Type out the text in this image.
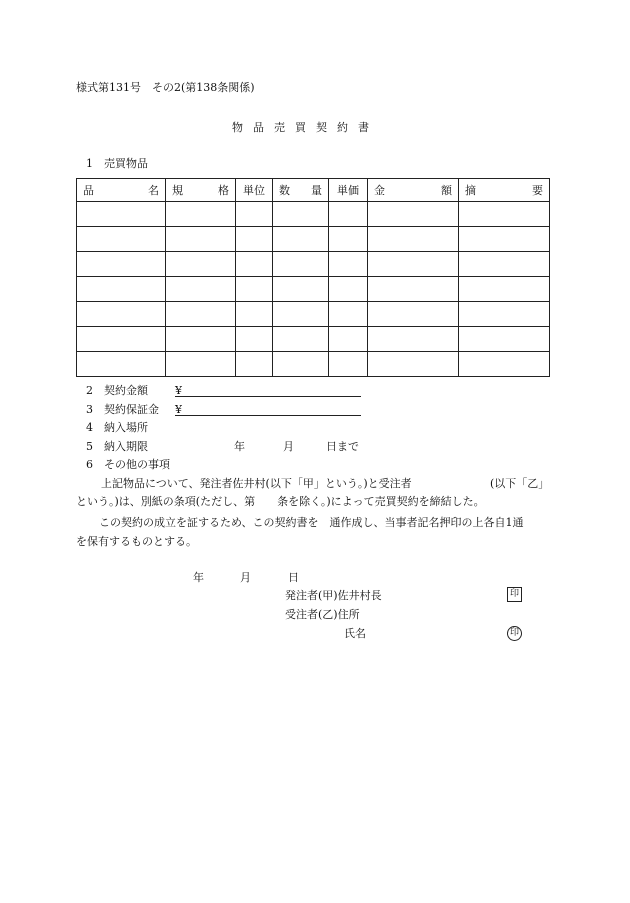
様式第131号　その2(第138条関係)
物品売買契約書
1 売買物品
品 名	規 格	単位	数 量	単価	金 額	摘 要

2 契約金額 ¥
3 契約保証金 ¥
4 納入場所
5 納入期限	年	月	日まで
6 その他の事項
上記物品について、発注者佐井村(以下「甲」という。)と受注者	(以下「乙」
という。)は、別紙の条項(ただし、第　　条を除く。)によって売買契約を締結した。
この契約の成立を証するため、この契約書を　通作成し、当事者記名押印の上各自1通
を保有するものとする。
年	月	日
発注者(甲)佐井村長	印
受注者(乙)住所
氏名	印
